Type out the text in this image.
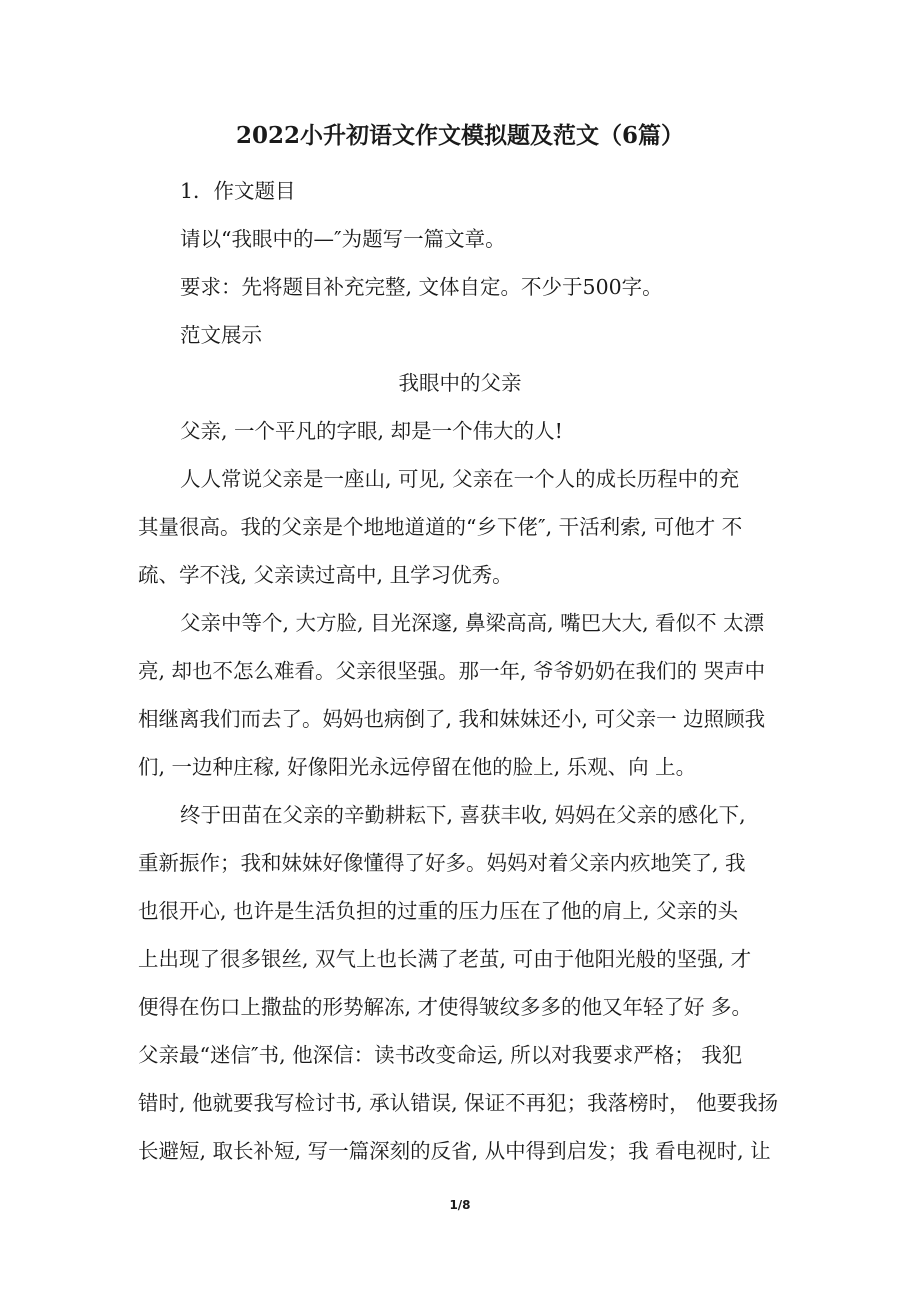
2022小升初语文作文模拟题及范文（6篇）
1．作文题目
请以“我眼中的—″为题写一篇文章。
要求：先将题目补充完整, 文体自定。不少于500字。
范文展示
我眼中的父亲
父亲, 一个平凡的字眼, 却是一个伟大的人!
人人常说父亲是一座山, 可见, 父亲在一个人的成长历程中的充
其量很高。我的父亲是个地地道道的“乡下佬″, 干活利索, 可他才 不
疏、学不浅, 父亲读过高中, 且学习优秀。
父亲中等个, 大方脸, 目光深邃, 鼻梁高高, 嘴巴大大, 看似不 太漂
亮, 却也不怎么难看。父亲很坚强。那一年, 爷爷奶奶在我们的 哭声中
相继离我们而去了。妈妈也病倒了, 我和妹妹还小, 可父亲一 边照顾我
们, 一边种庄稼, 好像阳光永远停留在他的脸上, 乐观、向 上。
终于田苗在父亲的辛勤耕耘下, 喜获丰收, 妈妈在父亲的感化下,
重新振作；我和妹妹好像懂得了好多。妈妈对着父亲内疚地笑了, 我
也很开心, 也许是生活负担的过重的压力压在了他的肩上, 父亲的头
上出现了很多银丝, 双气上也长满了老茧, 可由于他阳光般的坚强, 才
便得在伤口上撒盐的形势解冻, 才使得皱纹多多的他又年轻了好 多。
父亲最“迷信″书, 他深信：读书改变命运, 所以对我要求严格； 我犯
错时, 他就要我写检讨书, 承认错误, 保证不再犯；我落榜时， 他要我扬
长避短, 取长补短, 写一篇深刻的反省, 从中得到启发；我 看电视时, 让
1/8
